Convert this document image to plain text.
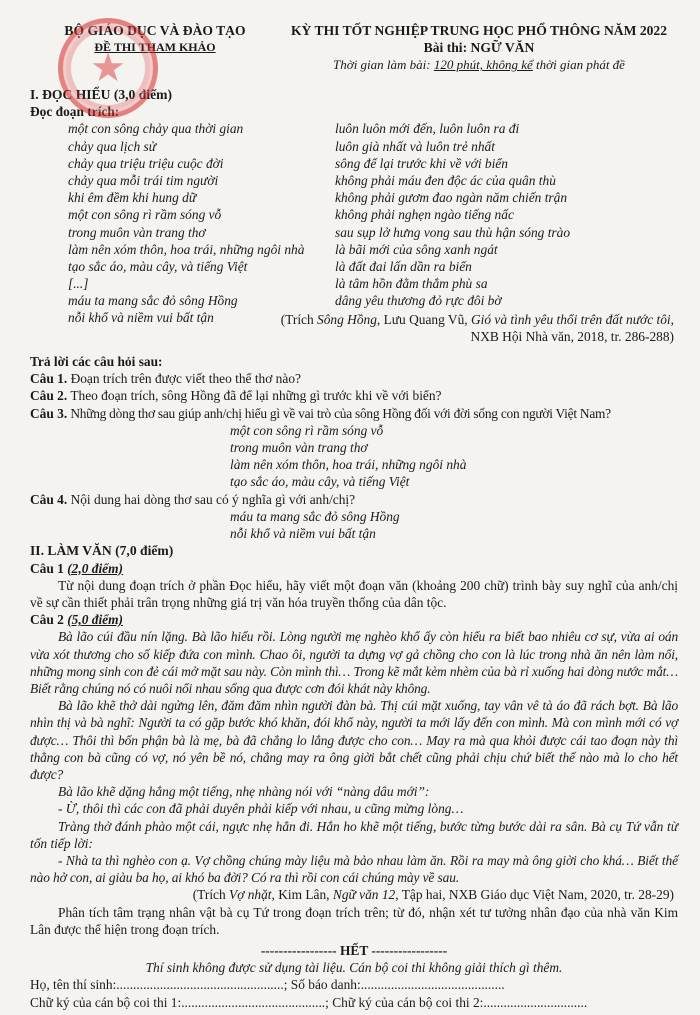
★
BỘ GIÁO DỤC VÀ ĐÀO TẠO
ĐỀ THI THAM KHẢO
KỲ THI TỐT NGHIỆP TRUNG HỌC PHỔ THÔNG NĂM 2022
Bài thi: NGỮ VĂN
Thời gian làm bài: 120 phút, không kể thời gian phát đề
I. ĐỌC HIỂU (3,0 điểm)
Đọc đoạn trích:
một con sông chảy qua thời gian
chảy qua lịch sử
chảy qua triệu triệu cuộc đời
chảy qua mỗi trái tim người
khi êm đềm khi hung dữ
một con sông rì rầm sóng vỗ
trong muôn vàn trang thơ
làm nên xóm thôn, hoa trái, những ngôi nhà
tạo sắc áo, màu cây, và tiếng Việt
[...]
máu ta mang sắc đỏ sông Hồng
nỗi khổ và niềm vui bất tận
luôn luôn mới đến, luôn luôn ra đi
luôn già nhất và luôn trẻ nhất
sông để lại trước khi về với biển
không phải máu đen độc ác của quân thù
không phải gươm đao ngàn năm chiến trận
không phải nghẹn ngào tiếng nấc
sau sụp lở hưng vong sau thù hận sóng trào
là bãi mới của sông xanh ngát
là đất đai lấn dần ra biển
là tâm hồn đằm thắm phù sa
dâng yêu thương đỏ rực đôi bờ
(Trích Sông Hồng, Lưu Quang Vũ, Gió và tình yêu thổi trên đất nước tôi,
NXB Hội Nhà văn, 2018, tr. 286-288)
Trả lời các câu hỏi sau:
Câu 1. Đoạn trích trên được viết theo thể thơ nào?
Câu 2. Theo đoạn trích, sông Hồng đã để lại những gì trước khi về với biển?
Câu 3. Những dòng thơ sau giúp anh/chị hiểu gì về vai trò của sông Hồng đối với đời sống con người Việt Nam?
một con sông rì rầm sóng vỗ
trong muôn vàn trang thơ
làm nên xóm thôn, hoa trái, những ngôi nhà
tạo sắc áo, màu cây, và tiếng Việt
Câu 4. Nội dung hai dòng thơ sau có ý nghĩa gì với anh/chị?
máu ta mang sắc đỏ sông Hồng
nỗi khổ và niềm vui bất tận
II. LÀM VĂN (7,0 điểm)
Câu 1 (2,0 điểm)
Từ nội dung đoạn trích ở phần Đọc hiểu, hãy viết một đoạn văn (khoảng 200 chữ) trình bày suy nghĩ của anh/chị về sự cần thiết phải trân trọng những giá trị văn hóa truyền thống của dân tộc.
Câu 2 (5,0 điểm)
Bà lão cúi đầu nín lặng. Bà lão hiểu rồi. Lòng người mẹ nghèo khổ ấy còn hiểu ra biết bao nhiêu cơ sự, vừa ai oán vừa xót thương cho số kiếp đứa con mình. Chao ôi, người ta dựng vợ gả chồng cho con là lúc trong nhà ăn nên làm nổi, những mong sinh con đẻ cái mở mặt sau này. Còn mình thì… Trong kẽ mắt kèm nhèm của bà rỉ xuống hai dòng nước mắt… Biết rằng chúng nó có nuôi nổi nhau sống qua được cơn đói khát này không.
Bà lão khẽ thở dài ngửng lên, đăm đăm nhìn người đàn bà. Thị cúi mặt xuống, tay vân vê tà áo đã rách bợt. Bà lão nhìn thị và bà nghĩ: Người ta có gặp bước khó khăn, đói khổ này, người ta mới lấy đến con mình. Mà con mình mới có vợ được… Thôi thì bổn phận bà là mẹ, bà đã chẳng lo lắng được cho con… May ra mà qua khỏi được cái tao đoạn này thì thằng con bà cũng có vợ, nó yên bề nó, chẳng may ra ông giời bắt chết cũng phải chịu chứ biết thế nào mà lo cho hết được?
Bà lão khẽ dặng hắng một tiếng, nhẹ nhàng nói với “nàng dâu mới”:
- Ừ, thôi thì các con đã phải duyên phải kiếp với nhau, u cũng mừng lòng…
Tràng thở đánh phào một cái, ngực nhẹ hẳn đi. Hắn ho khẽ một tiếng, bước từng bước dài ra sân. Bà cụ Tứ vẫn từ tốn tiếp lời:
- Nhà ta thì nghèo con ạ. Vợ chồng chúng mày liệu mà bảo nhau làm ăn. Rồi ra may mà ông giời cho khá… Biết thế nào hở con, ai giàu ba họ, ai khó ba đời? Có ra thì rồi con cái chúng mày về sau.
(Trích Vợ nhặt, Kim Lân, Ngữ văn 12, Tập hai, NXB Giáo dục Việt Nam, 2020, tr. 28-29)
Phân tích tâm trạng nhân vật bà cụ Tứ trong đoạn trích trên; từ đó, nhận xét tư tưởng nhân đạo của nhà văn Kim Lân được thể hiện trong đoạn trích.
----------------- HẾT -----------------
Thí sinh không được sử dụng tài liệu. Cán bộ coi thi không giải thích gì thêm.
Họ, tên thí sinh: .................................................. ; Số báo danh: ...........................................
Chữ ký của cán bộ coi thi 1: ........................................... ; Chữ ký của cán bộ coi thi 2: ...............................
